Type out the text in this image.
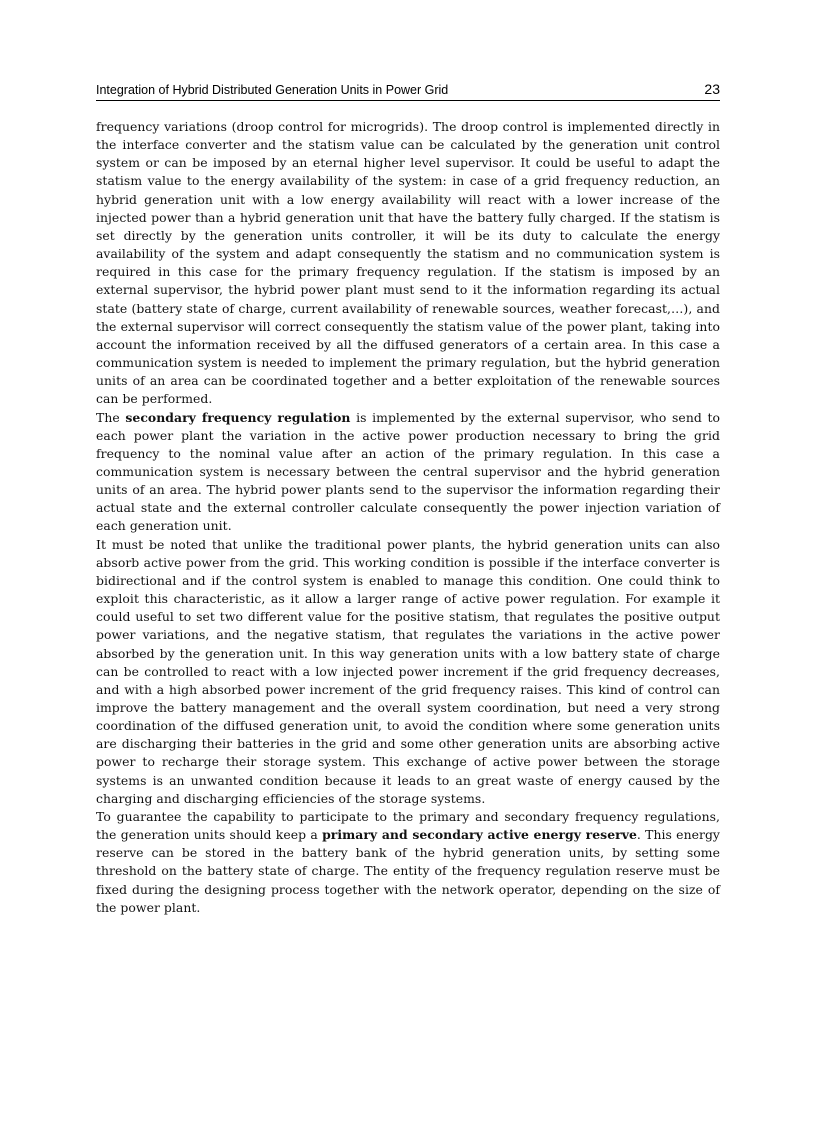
Integration of Hybrid Distributed Generation Units in Power Grid	23

frequency variations (droop control for microgrids). The droop control is implemented directly in the interface converter and the statism value can be calculated by the generation unit control system or can be imposed by an eternal higher level supervisor. It could be useful to adapt the statism value to the energy availability of the system: in case of a grid frequency reduction, an hybrid generation unit with a low energy availability will react with a lower increase of the injected power than a hybrid generation unit that have the battery fully charged. If the statism is set directly by the generation units controller, it will be its duty to calculate the energy availability of the system and adapt consequently the statism and no communication system is required in this case for the primary frequency regulation. If the statism is imposed by an external supervisor, the hybrid power plant must send to it the information regarding its actual state (battery state of charge, current availability of renewable sources, weather forecast,…), and the external supervisor will correct consequently the statism value of the power plant, taking into account the information received by all the diffused generators of a certain area. In this case a communication system is needed to implement the primary regulation, but the hybrid generation units of an area can be coordinated together and a better exploitation of the renewable sources can be performed.

The secondary frequency regulation is implemented by the external supervisor, who send to each power plant the variation in the active power production necessary to bring the grid frequency to the nominal value after an action of the primary regulation. In this case a communication system is necessary between the central supervisor and the hybrid generation units of an area. The hybrid power plants send to the supervisor the information regarding their actual state and the external controller calculate consequently the power injection variation of each generation unit.

It must be noted that unlike the traditional power plants, the hybrid generation units can also absorb active power from the grid. This working condition is possible if the interface converter is bidirectional and if the control system is enabled to manage this condition. One could think to exploit this characteristic, as it allow a larger range of active power regulation. For example it could useful to set two different value for the positive statism, that regulates the positive output power variations, and the negative statism, that regulates the variations in the active power absorbed by the generation unit. In this way generation units with a low battery state of charge can be controlled to react with a low injected power increment if the grid frequency decreases, and with a high absorbed power increment of the grid frequency raises. This kind of control can improve the battery management and the overall system coordination, but need a very strong coordination of the diffused generation unit, to avoid the condition where some generation units are discharging their batteries in the grid and some other generation units are absorbing active power to recharge their storage system. This exchange of active power between the storage systems is an unwanted condition because it leads to an great waste of energy caused by the charging and discharging efficiencies of the storage systems.

To guarantee the capability to participate to the primary and secondary frequency regulations, the generation units should keep a primary and secondary active energy reserve. This energy reserve can be stored in the battery bank of the hybrid generation units, by setting some threshold on the battery state of charge. The entity of the frequency regulation reserve must be fixed during the designing process together with the network operator, depending on the size of the power plant.
